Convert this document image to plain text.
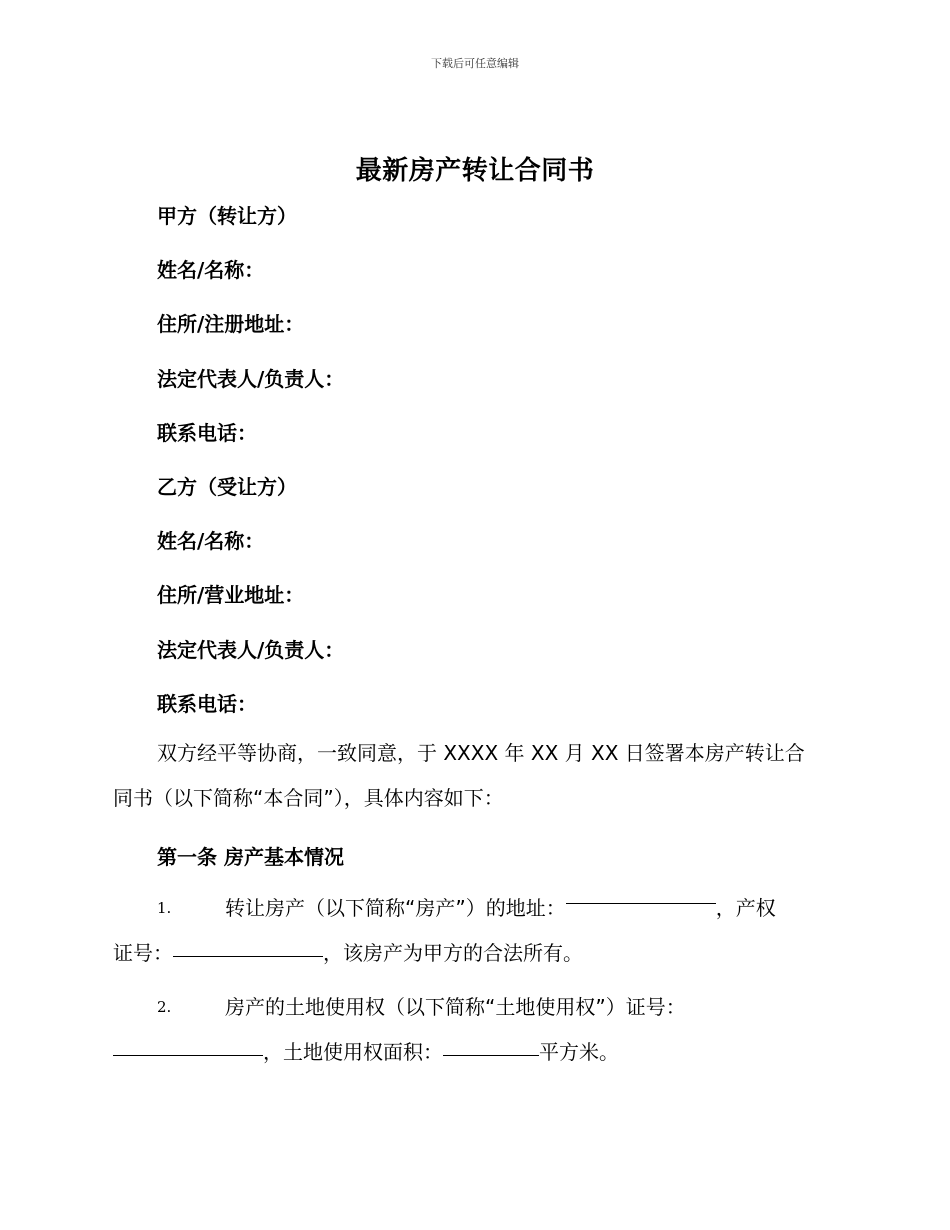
下载后可任意编辑
最新房产转让合同书
甲方（转让方）
姓名/名称：
住所/注册地址：
法定代表人/负责人：
联系电话：
乙方（受让方）
姓名/名称：
住所/营业地址：
法定代表人/负责人：
联系电话：
双方经平等协商，一致同意，于 XXXX 年 XX 月 XX 日签署本房产转让合
同书（以下简称“本合同”），具体内容如下：
第一条 房产基本情况
1.	转让房产（以下简称“房产”）的地址：	，产权
证号：	，该房产为甲方的合法所有。
2.	房产的土地使用权（以下简称“土地使用权”）证号：
，土地使用权面积：	平方米。
